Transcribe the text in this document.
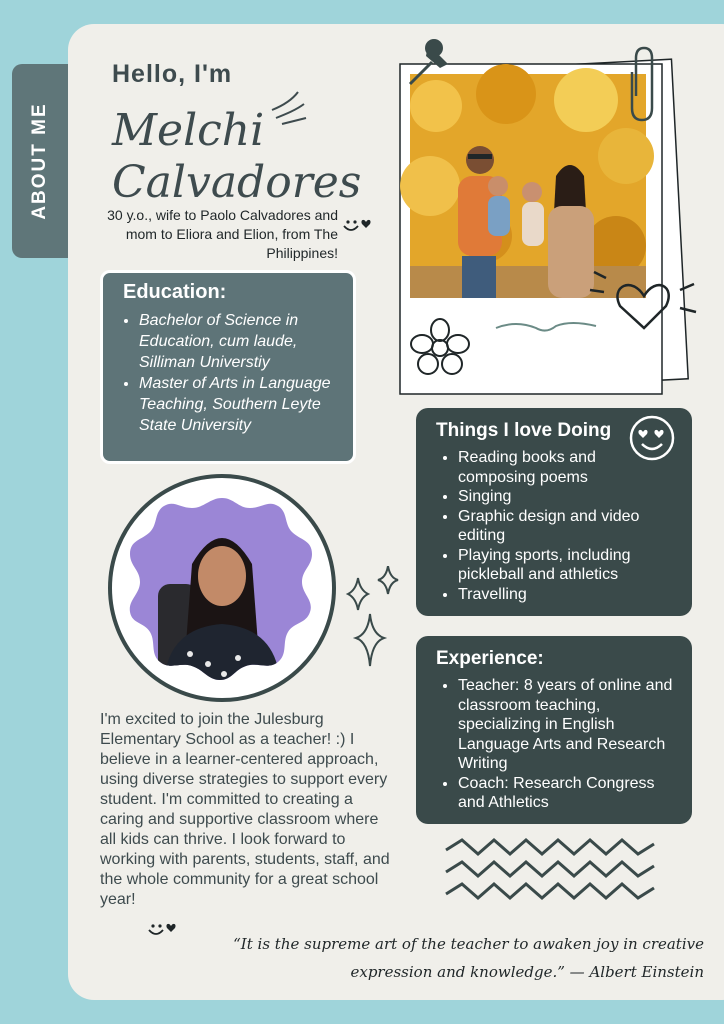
ABOUT ME
Hello, I'm
Melchi
Calvadores
30 y.o., wife to Paolo Calvadores and mom to Eliora and Elion, from The Philippines!
Education:
• Bachelor of Science in Education, cum laude, Silliman Universtiy
• Master of Arts in Language Teaching, Southern Leyte State University	Things I love Doing
• Reading books and composing poems
• Singing
• Graphic design and video editing
• Playing sports, including pickleball and athletics
• Travelling
Experience:
• Teacher: 8 years of online and classroom teaching, specializing in English Language Arts and Research Writing
• Coach: Research Congress and Athletics
I'm excited to join the Julesburg Elementary School as a teacher! :) I believe in a learner-centered approach, using diverse strategies to support every student. I'm committed to creating a caring and supportive classroom where all kids can thrive. I look forward to working with parents, students, staff, and the whole community for a great school year!
“It is the supreme art of the teacher to awaken joy in creative expression and knowledge.” — Albert Einstein
